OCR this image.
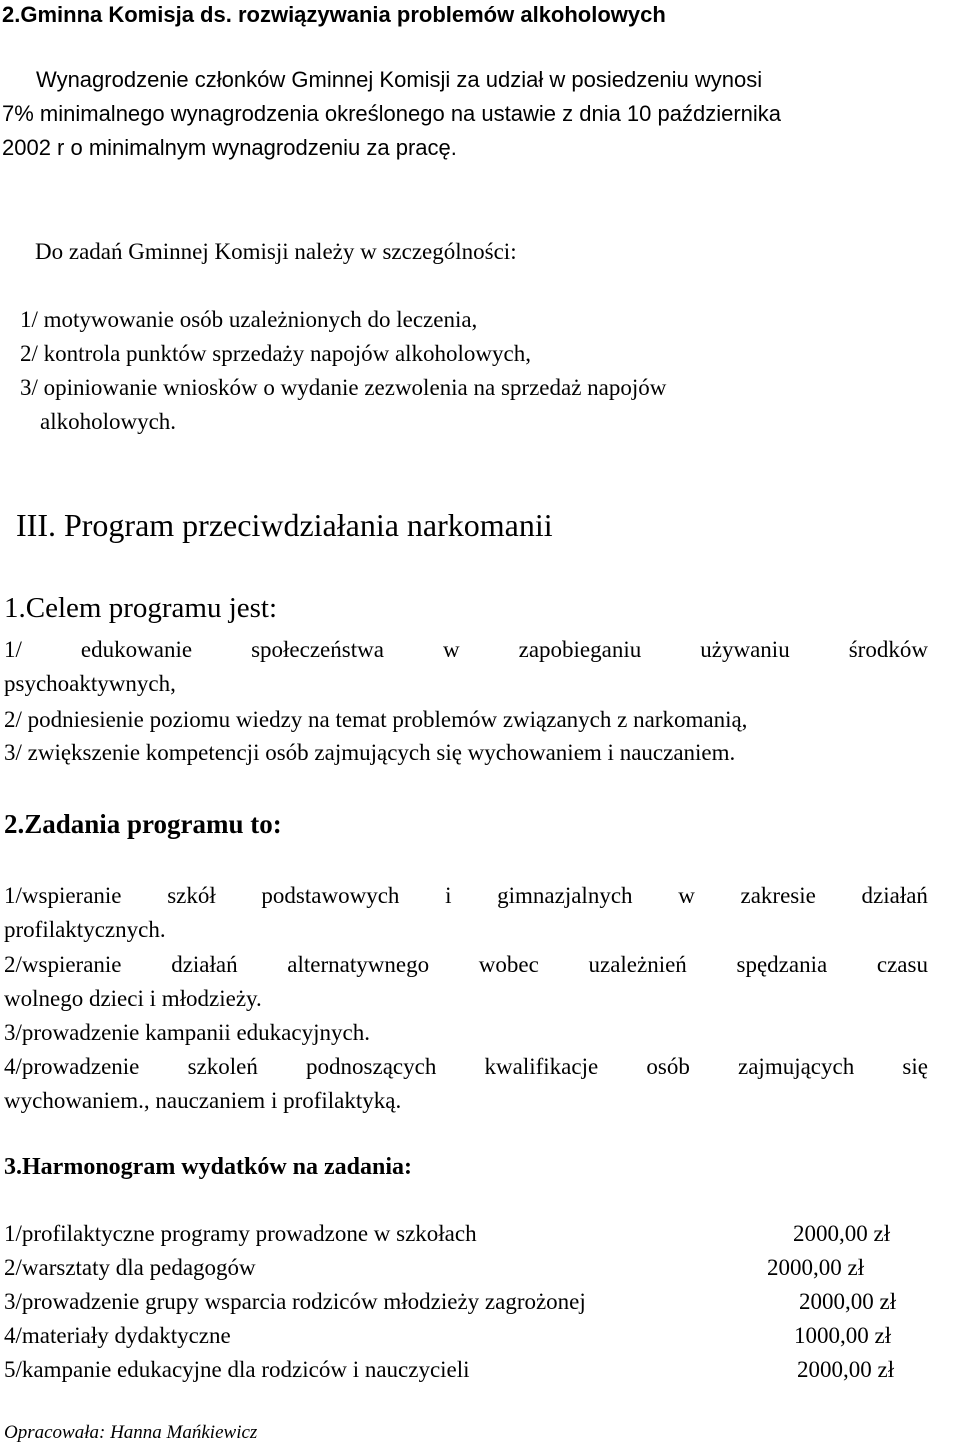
2.Gminna Komisja ds. rozwiązywania problemów alkoholowych

Wynagrodzenie członków Gminnej Komisji za udział w posiedzeniu wynosi

7% minimalnego wynagrodzenia określonego na ustawie z dnia 10 października

2002 r o minimalnym wynagrodzeniu za pracę.

Do zadań Gminnej Komisji należy w szczególności:

1/ motywowanie osób uzależnionych do leczenia,

2/ kontrola punktów sprzedaży napojów alkoholowych,

3/ opiniowanie wniosków o wydanie zezwolenia na sprzedaż napojów

alkoholowych.

III. Program przeciwdziałania narkomanii

1.Celem programu jest:

1/	edukowanie	społeczeństwa	w	zapobieganiu	używaniu	środków

psychoaktywnych,

2/ podniesienie poziomu wiedzy na temat problemów związanych z narkomanią,

3/ zwiększenie kompetencji osób zajmujących się wychowaniem i nauczaniem.

2.Zadania programu to:

1/wspieranie szkół podstawowych i gimnazjalnych w zakresie działań

profilaktycznych.

2/wspieranie działań alternatywnego wobec uzależnień spędzania czasu

wolnego dzieci i młodzieży.

3/prowadzenie kampanii edukacyjnych.

4/prowadzenie szkoleń podnoszących kwalifikacje osób zajmujących się

wychowaniem., nauczaniem i profilaktyką.

3.Harmonogram wydatków na zadania:

1/profilaktyczne programy prowadzone w szkołach	2000,00 zł

2/warsztaty dla pedagogów	2000,00 zł

3/prowadzenie grupy wsparcia rodziców młodzieży zagrożonej	2000,00 zł

4/materiały dydaktyczne	1000,00 zł

5/kampanie edukacyjne dla rodziców i nauczycieli	2000,00 zł

Opracowała: Hanna Mańkiewicz
